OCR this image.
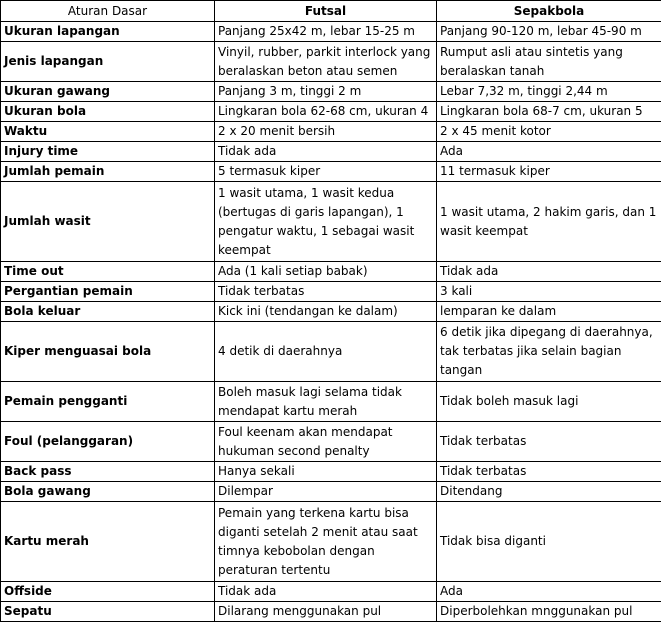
Aturan Dasar	Futsal	Sepakbola
Ukuran lapangan	Panjang 25x42 m, lebar 15-25 m	Panjang 90-120 m, lebar 45-90 m
Jenis lapangan	Vinyil, rubber, parkit interlock yang beralaskan beton atau semen	Rumput asli atau sintetis yang beralaskan tanah
Ukuran gawang	Panjang 3 m, tinggi 2 m	Lebar 7,32 m, tinggi 2,44 m
Ukuran bola	Lingkaran bola 62-68 cm, ukuran 4	Lingkaran bola 68-7 cm, ukuran 5
Waktu	2 x 20 menit bersih	2 x 45 menit kotor
Injury time	Tidak ada	Ada
Jumlah pemain	5 termasuk kiper	11 termasuk kiper
Jumlah wasit	1 wasit utama, 1 wasit kedua (bertugas di garis lapangan), 1 pengatur waktu, 1 sebagai wasit keempat	1 wasit utama, 2 hakim garis, dan 1 wasit keempat
Time out	Ada (1 kali setiap babak)	Tidak ada
Pergantian pemain	Tidak terbatas	3 kali
Bola keluar	Kick ini (tendangan ke dalam)	lemparan ke dalam
Kiper menguasai bola	4 detik di daerahnya	6 detik jika dipegang di daerahnya, tak terbatas jika selain bagian tangan
Pemain pengganti	Boleh masuk lagi selama tidak mendapat kartu merah	Tidak boleh masuk lagi
Foul (pelanggaran)	Foul keenam akan mendapat hukuman second penalty	Tidak terbatas
Back pass	Hanya sekali	Tidak terbatas
Bola gawang	Dilempar	Ditendang
Kartu merah	Pemain yang terkena kartu bisa diganti setelah 2 menit atau saat timnya kebobolan dengan peraturan tertentu	Tidak bisa diganti
Offside	Tidak ada	Ada
Sepatu	Dilarang menggunakan pul	Diperbolehkan mnggunakan pul
